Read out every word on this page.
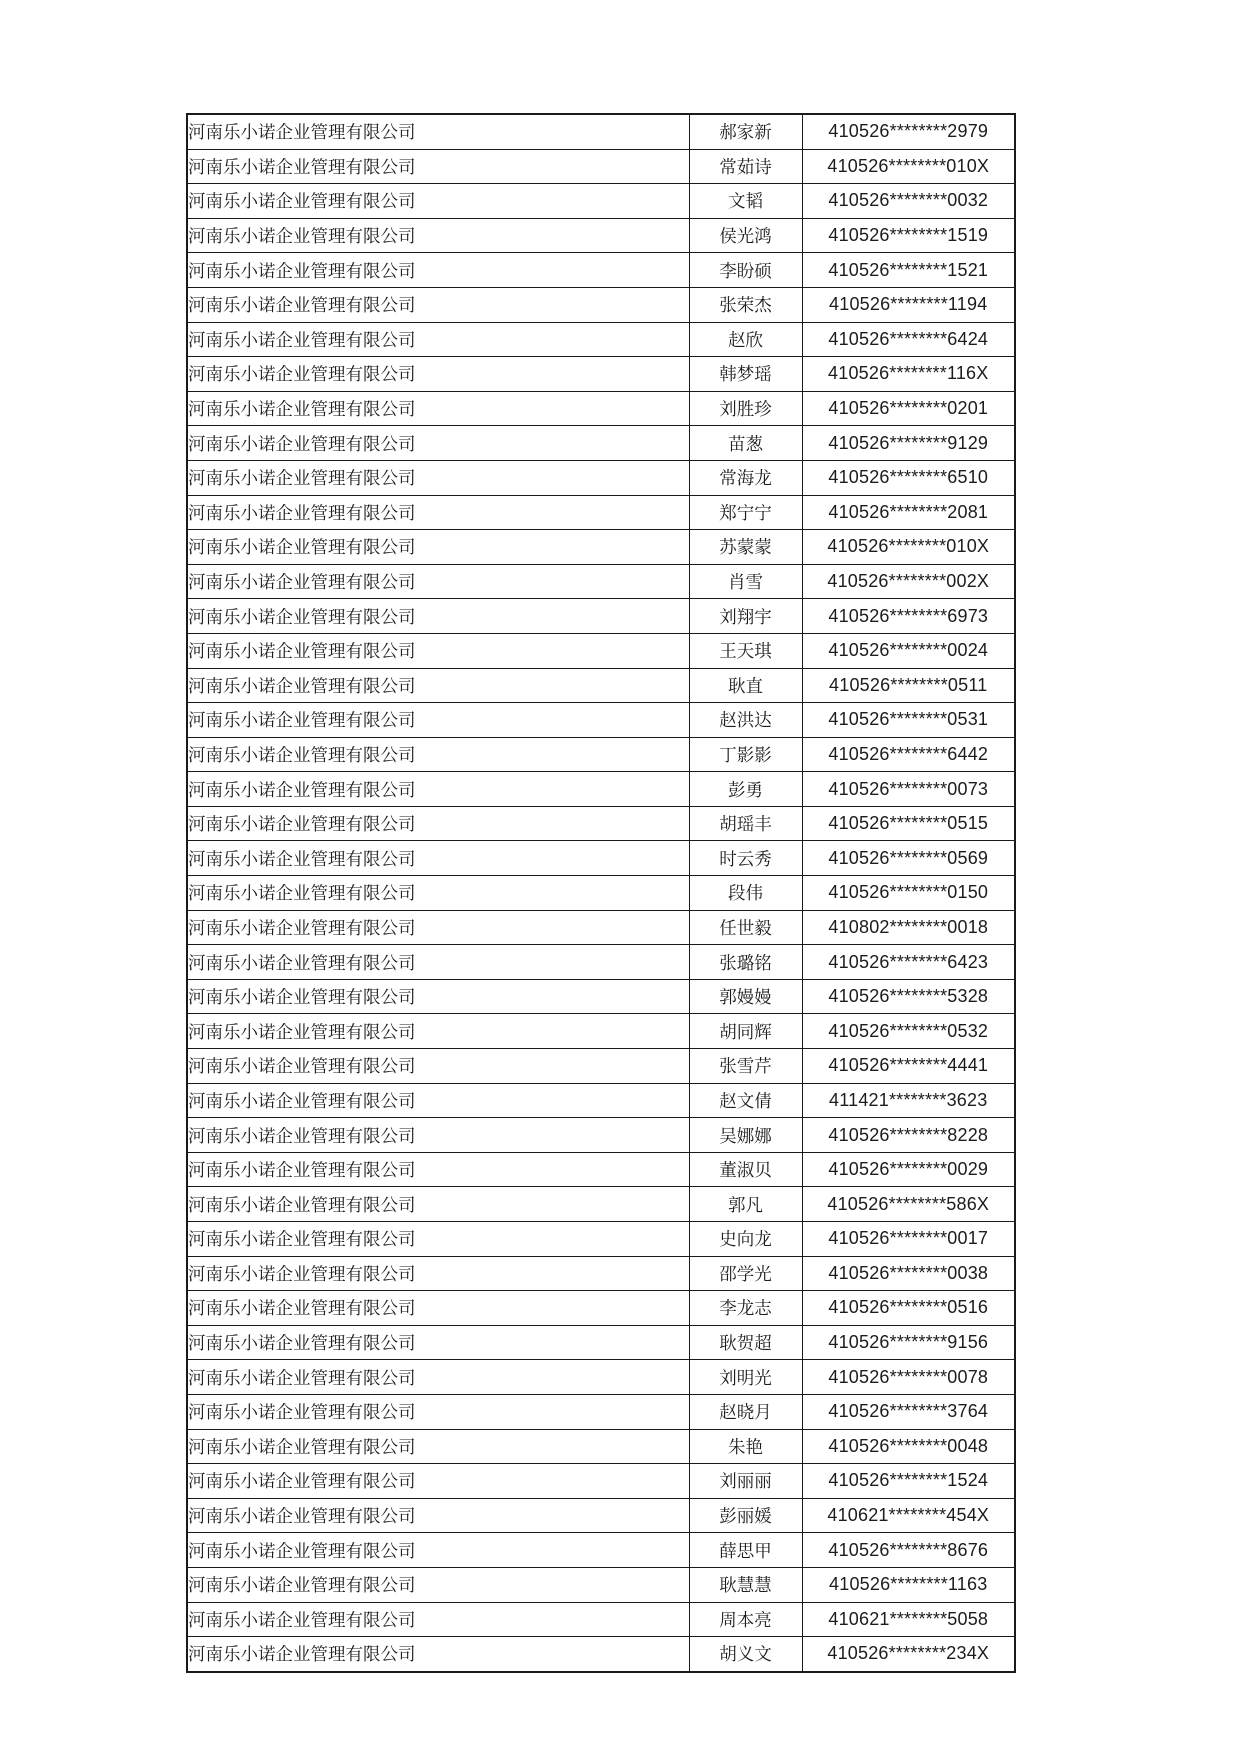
河南乐小诺企业管理有限公司	郝家新	410526********2979
河南乐小诺企业管理有限公司	常茹诗	410526********010X
河南乐小诺企业管理有限公司	文韬	410526********0032
河南乐小诺企业管理有限公司	侯光鸿	410526********1519
河南乐小诺企业管理有限公司	李盼硕	410526********1521
河南乐小诺企业管理有限公司	张荣杰	410526********1194
河南乐小诺企业管理有限公司	赵欣	410526********6424
河南乐小诺企业管理有限公司	韩梦瑶	410526********116X
河南乐小诺企业管理有限公司	刘胜珍	410526********0201
河南乐小诺企业管理有限公司	苗葱	410526********9129
河南乐小诺企业管理有限公司	常海龙	410526********6510
河南乐小诺企业管理有限公司	郑宁宁	410526********2081
河南乐小诺企业管理有限公司	苏蒙蒙	410526********010X
河南乐小诺企业管理有限公司	肖雪	410526********002X
河南乐小诺企业管理有限公司	刘翔宇	410526********6973
河南乐小诺企业管理有限公司	王天琪	410526********0024
河南乐小诺企业管理有限公司	耿直	410526********0511
河南乐小诺企业管理有限公司	赵洪达	410526********0531
河南乐小诺企业管理有限公司	丁影影	410526********6442
河南乐小诺企业管理有限公司	彭勇	410526********0073
河南乐小诺企业管理有限公司	胡瑶丰	410526********0515
河南乐小诺企业管理有限公司	时云秀	410526********0569
河南乐小诺企业管理有限公司	段伟	410526********0150
河南乐小诺企业管理有限公司	任世毅	410802********0018
河南乐小诺企业管理有限公司	张璐铭	410526********6423
河南乐小诺企业管理有限公司	郭嫚嫚	410526********5328
河南乐小诺企业管理有限公司	胡同辉	410526********0532
河南乐小诺企业管理有限公司	张雪芹	410526********4441
河南乐小诺企业管理有限公司	赵文倩	411421********3623
河南乐小诺企业管理有限公司	吴娜娜	410526********8228
河南乐小诺企业管理有限公司	董淑贝	410526********0029
河南乐小诺企业管理有限公司	郭凡	410526********586X
河南乐小诺企业管理有限公司	史向龙	410526********0017
河南乐小诺企业管理有限公司	邵学光	410526********0038
河南乐小诺企业管理有限公司	李龙志	410526********0516
河南乐小诺企业管理有限公司	耿贺超	410526********9156
河南乐小诺企业管理有限公司	刘明光	410526********0078
河南乐小诺企业管理有限公司	赵晓月	410526********3764
河南乐小诺企业管理有限公司	朱艳	410526********0048
河南乐小诺企业管理有限公司	刘丽丽	410526********1524
河南乐小诺企业管理有限公司	彭丽媛	410621********454X
河南乐小诺企业管理有限公司	薛思甲	410526********8676
河南乐小诺企业管理有限公司	耿慧慧	410526********1163
河南乐小诺企业管理有限公司	周本亮	410621********5058
河南乐小诺企业管理有限公司	胡义文	410526********234X
